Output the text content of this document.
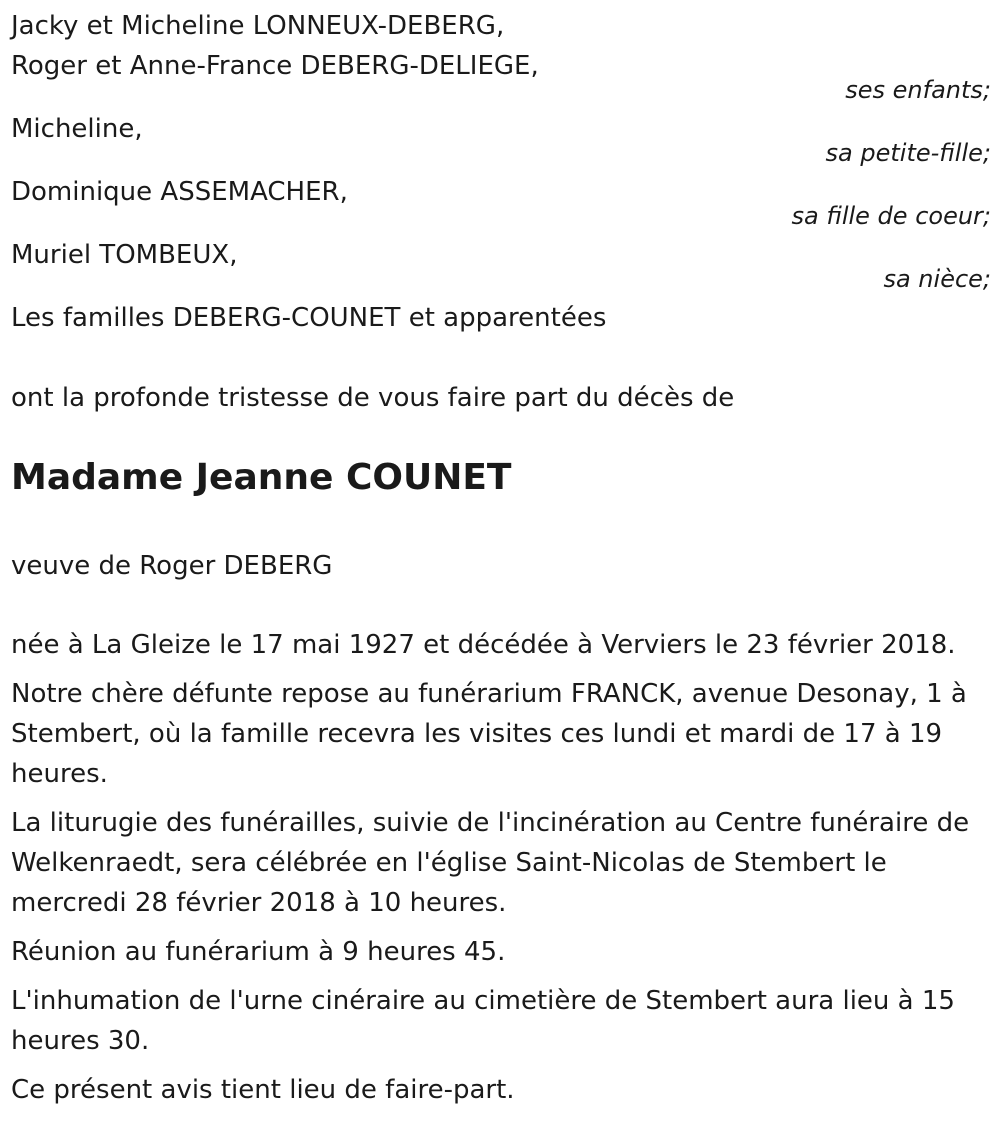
Jacky et Micheline LONNEUX-DEBERG,

Roger et Anne-France DEBERG-DELIEGE,

ses enfants;

Micheline,

sa petite-fille;

Dominique ASSEMACHER,

sa fille de coeur;

Muriel TOMBEUX,

sa nièce;

Les familles DEBERG-COUNET et apparentées

ont la profonde tristesse de vous faire part du décès de

Madame Jeanne COUNET

veuve de Roger DEBERG

née à La Gleize le 17 mai 1927 et décédée à Verviers le 23 février 2018.

Notre chère défunte repose au funérarium FRANCK, avenue Desonay, 1 à Stembert, où la famille recevra les visites ces lundi et mardi de 17 à 19 heures.

La liturugie des funérailles, suivie de l'incinération au Centre funéraire de Welkenraedt, sera célébrée en l'église Saint-Nicolas de Stembert le mercredi 28 février 2018 à 10 heures.

Réunion au funérarium à 9 heures 45.

L'inhumation de l'urne cinéraire au cimetière de Stembert aura lieu à 15 heures 30.

Ce présent avis tient lieu de faire-part.
